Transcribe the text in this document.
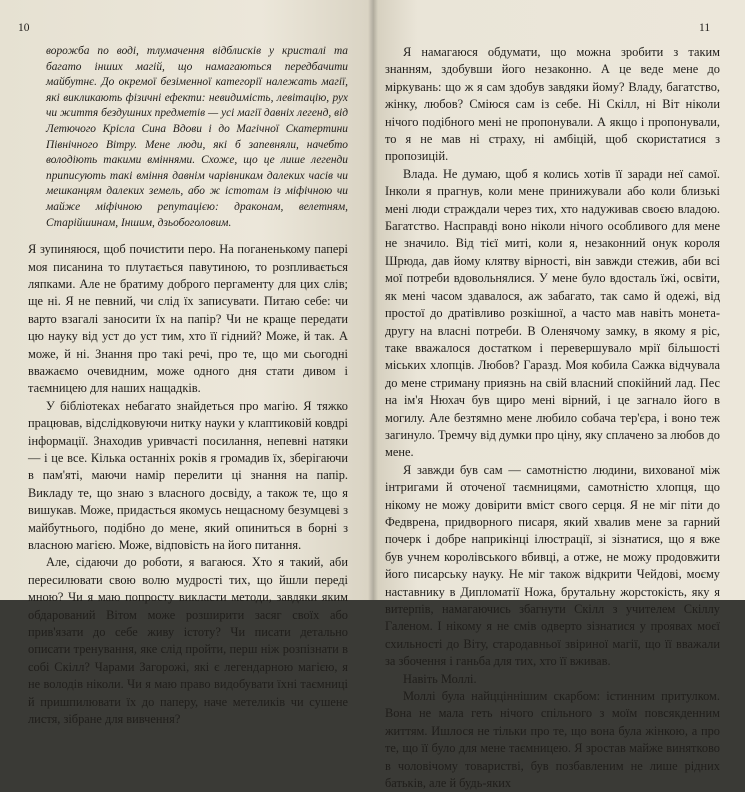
10

ворожба по воді, тлумачення відблисків у кристалі та багато інших магій, що намагаються передбачити майбутнє. До окремої безіменної категорії належать магії, які викликають фізичні ефекти: невидимість, левітацію, рух чи життя бездушних предметів — усі магії давніх легенд, від Летючого Крісла Сина Вдови і до Магічної Скатертини Північного Вітру. Мене люди, які б запевняли, начебто володіють такими вміннями. Схоже, що це лише легенди приписують такі вміння давнім чарівникам далеких часів чи мешканцям далеких земель, або ж істотам із міфічною чи майже міфічною репутацією: драконам, велетням, Старійшинам, Іншим, дзьобоголовим.

Я зупиняюся, щоб почистити перо. На поганенькому папері моя писанина то плутається павутиною, то розпливається ляпками. Але не братиму доброго пергаменту для цих слів; ще ні. Я не певний, чи слід їх записувати. Питаю себе: чи варто взагалі заносити їх на папір? Чи не краще передати цю науку від уст до уст тим, хто її гідний? Може, й так. А може, й ні. Знання про такі речі, про те, що ми сьогодні вважаємо очевидним, може одного дня стати дивом і таємницею для наших нащадків.

У бібліотеках небагато знайдеться про магію. Я тяжко працював, відслідковуючи нитку науки у клаптиковій ковдрі інформації. Знаходив уривчасті посилання, непевні натяки — і це все. Кілька останніх років я громадив їх, зберігаючи в пам'яті, маючи намір перелити ці знання на папір. Викладу те, що знаю з власного досвіду, а також те, що я вишукав. Може, придасться якомусь нещасному безумцеві з майбутнього, подібно до мене, який опиниться в борні з власною магією. Може, відповість на його питання.

Але, сідаючи до роботи, я вагаюся. Хто я такий, аби пересилювати свою волю мудрості тих, що йшли переді мною? Чи я маю попросту викласти методи, завдяки яким обдарований Вітом може розширити засяг своїх або прив'язати до себе живу істоту? Чи писати детально описати тренування, яке слід пройти, перш ніж розпізнати в собі Скілл? Чарами Загорожі, які є легендарною магією, я не володів ніколи. Чи я маю право видобувати їхні таємниці й пришпилювати їх до паперу, наче метеликів чи сушене листя, зібране для вивчення?

11

Я намагаюся обдумати, що можна зробити з таким знанням, здобувши його незаконно. А це веде мене до міркувань: що ж я сам здобув завдяки йому? Владу, багатство, жінку, любов? Сміюся сам із себе. Ні Скілл, ні Віт ніколи нічого подібного мені не пропонували. А якщо і пропонували, то я не мав ні страху, ні амбіцій, щоб скористатися з пропозицій.

Влада. Не думаю, щоб я колись хотів її заради неї самої. Інколи я прагнув, коли мене принижували або коли близькі мені люди страждали через тих, хто надуживав своєю владою. Багатство. Насправді воно ніколи нічого особливого для мене не значило. Від тієї миті, коли я, незаконний онук короля Шрюда, дав йому клятву вірності, він завжди стежив, аби всі мої потреби вдовольнялися. У мене було вдосталь їжі, освіти, як мені часом здавалося, аж забагато, так само й одежі, від простої до дратівливо розкішної, а часто мав навіть монета-другу на власні потреби. В Оленячому замку, в якому я ріс, таке вважалося достатком і перевершувало мрії більшості міських хлопців. Любов? Гаразд. Моя кобила Сажка відчувала до мене стриману приязнь на свій власний спокійний лад. Пес на ім'я Нюхач був щиро мені вірний, і це загнало його в могилу. Але безтямно мене любило собача тер'єра, і воно теж загинуло. Тремчу від думки про ціну, яку сплачено за любов до мене.

Я завжди був сам — самотністю людини, вихованої між інтригами й оточеної таємницями, самотністю хлопця, що нікому не можу довірити вміст свого серця. Я не міг піти до Федврена, придворного писаря, який хвалив мене за гарний почерк і добре наприкінці ілюстрації, зі зізнатися, що я вже був учнем королівського вбивці, а отже, не можу продовжити його писарську науку. Не міг також відкрити Чейдові, моєму наставнику в Дипломатії Ножа, брутальну жорстокість, яку я витерпів, намагаючись збагнути Скілл з учителем Скіллу Галеном. І нікому я не смів одверто зізнатися у проявах моєї схильності до Віту, стародавньої звіриної магії, що її вважали за збочення і ганьба для тих, хто її вживав.

Навіть Моллі.

Моллі була найцціннішим скарбом: істинним притулком. Вона не мала геть нічого спільного з моїм повсякденним життям. Ишлося не тільки про те, що вона була жінкою, а про те, що її було для мене таємницею. Я зростав майже винятково в чоловічому товаристві, був позбавленим не лише рідних батьків, але й будь-яких
